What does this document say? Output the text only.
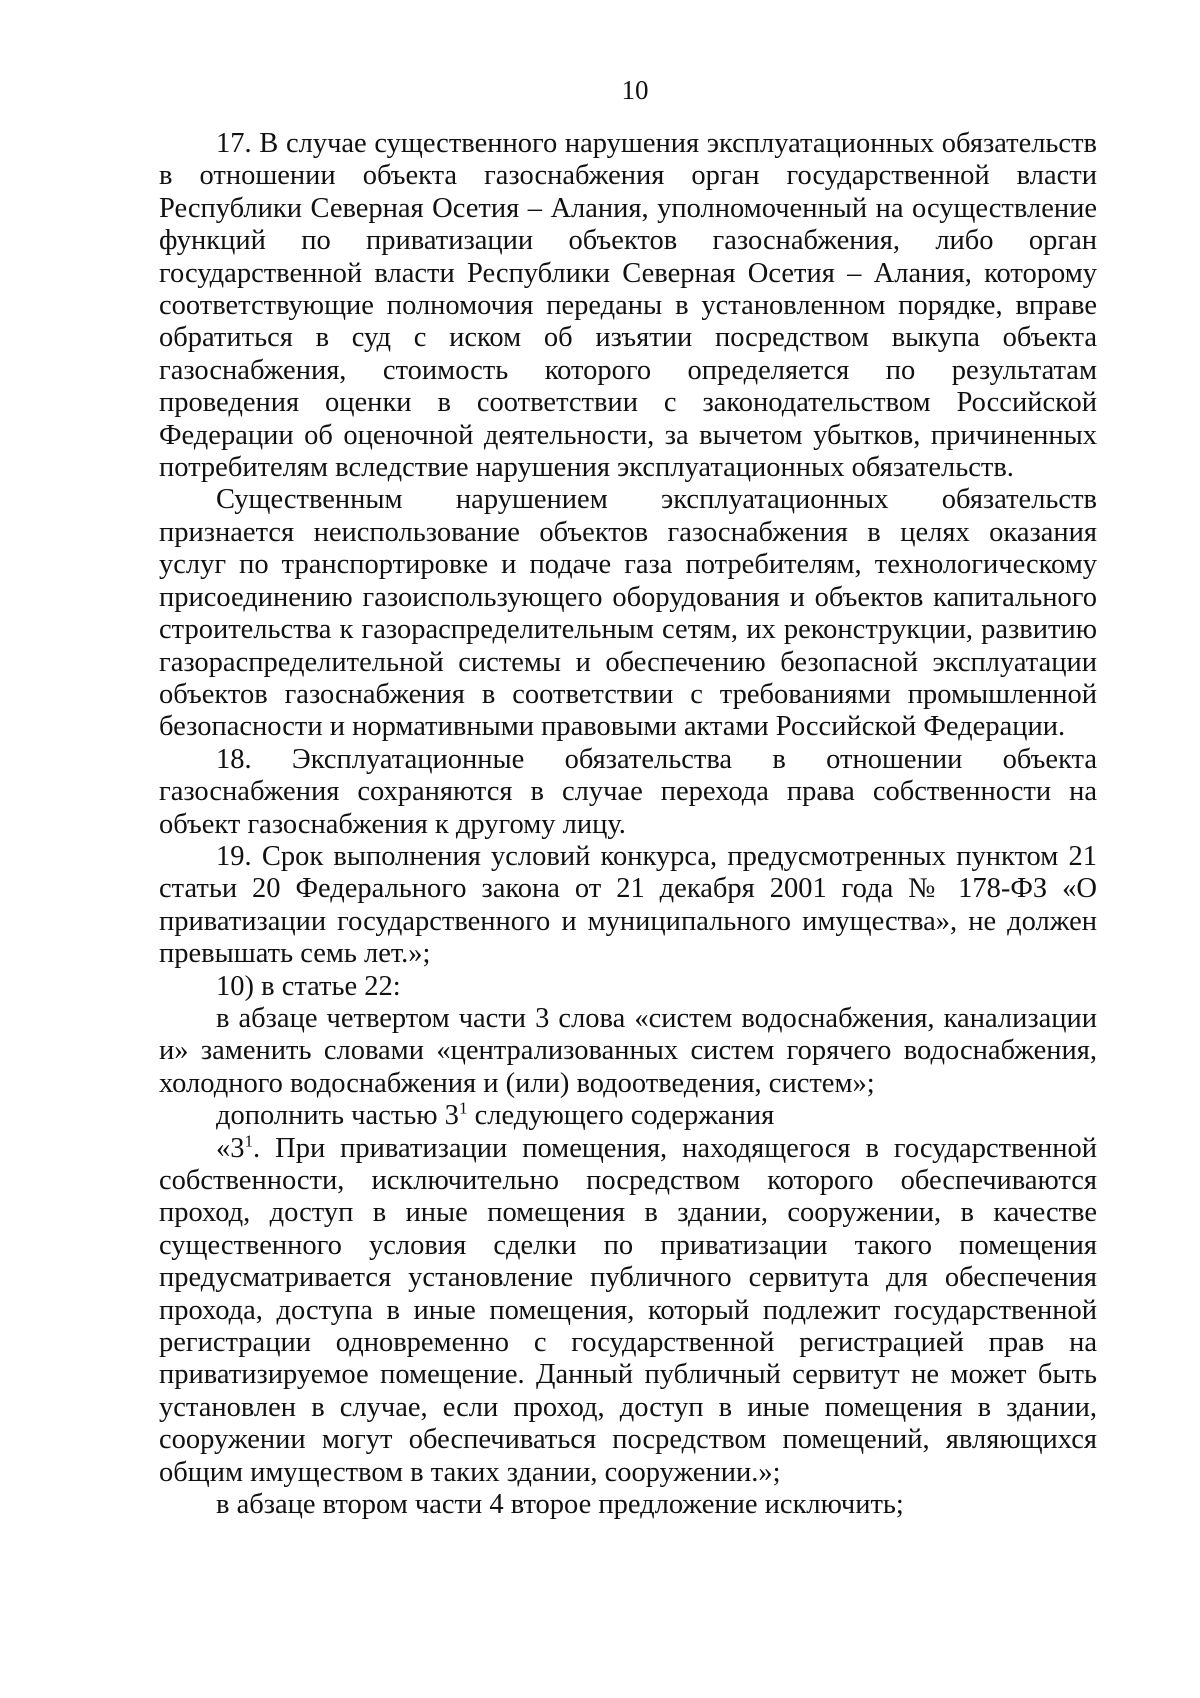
10

17. В случае существенного нарушения эксплуатационных обязательств в отношении объекта газоснабжения орган государственной власти Республики Северная Осетия – Алания, уполномоченный на осуществление функций по приватизации объектов газоснабжения, либо орган государственной власти Республики Северная Осетия – Алания, которому соответствующие полномочия переданы в установленном порядке, вправе обратиться в суд с иском об изъятии посредством выкупа объекта газоснабжения, стоимость которого определяется по результатам проведения оценки в соответствии с законодательством Российской Федерации об оценочной деятельности, за вычетом убытков, причиненных потребителям вследствие нарушения эксплуатационных обязательств.

Существенным нарушением эксплуатационных обязательств признается неиспользование объектов газоснабжения в целях оказания услуг по транспортировке и подаче газа потребителям, технологическому присоединению газоиспользующего оборудования и объектов капитального строительства к газораспределительным сетям, их реконструкции, развитию газораспределительной системы и обеспечению безопасной эксплуатации объектов газоснабжения в соответствии с требованиями промышленной безопасности и нормативными правовыми актами Российской Федерации.

18. Эксплуатационные обязательства в отношении объекта газоснабжения сохраняются в случае перехода права собственности на объект газоснабжения к другому лицу.

19. Срок выполнения условий конкурса, предусмотренных пунктом 21 статьи 20 Федерального закона от 21 декабря 2001 года № 178-ФЗ «О приватизации государственного и муниципального имущества», не должен превышать семь лет.»;

10) в статье 22:

в абзаце четвертом части 3 слова «систем водоснабжения, канализации и» заменить словами «централизованных систем горячего водоснабжения, холодного водоснабжения и (или) водоотведения, систем»;

дополнить частью $3^1$ следующего содержания

«$3^1$. При приватизации помещения, находящегося в государственной собственности, исключительно посредством которого обеспечиваются проход, доступ в иные помещения в здании, сооружении, в качестве существенного условия сделки по приватизации такого помещения предусматривается установление публичного сервитута для обеспечения прохода, доступа в иные помещения, который подлежит государственной регистрации одновременно с государственной регистрацией прав на приватизируемое помещение. Данный публичный сервитут не может быть установлен в случае, если проход, доступ в иные помещения в здании, сооружении могут обеспечиваться посредством помещений, являющихся общим имуществом в таких здании, сооружении.»;

в абзаце втором части 4 второе предложение исключить;
